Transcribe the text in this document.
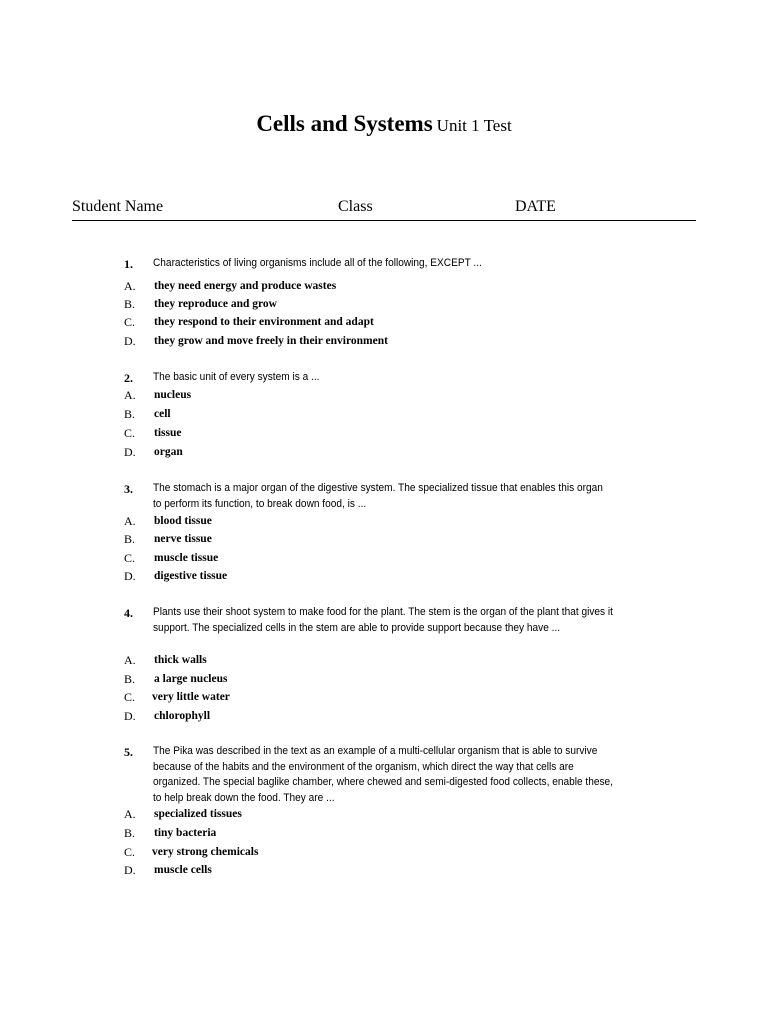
Cells and Systems Unit 1 Test
Student Name	Class	DATE
1. Characteristics of living organisms include all of the following, EXCEPT ...
A. they need energy and produce wastes
B. they reproduce and grow
C. they respond to their environment and adapt
D. they grow and move freely in their environment
2. The basic unit of every system is a ...
A. nucleus
B. cell
C. tissue
D. organ
3. The stomach is a major organ of the digestive system. The specialized tissue that enables this organ to perform its function, to break down food, is ...
A. blood tissue
B. nerve tissue
C. muscle tissue
D. digestive tissue
4. Plants use their shoot system to make food for the plant. The stem is the organ of the plant that gives it support. The specialized cells in the stem are able to provide support because they have ...
A. thick walls
B. a large nucleus
C. very little water
D. chlorophyll
5. The Pika was described in the text as an example of a multi-cellular organism that is able to survive because of the habits and the environment of the organism, which direct the way that cells are organized. The special baglike chamber, where chewed and semi-digested food collects, enable these, to help break down the food. They are ...
A. specialized tissues
B. tiny bacteria
C. very strong chemicals
D. muscle cells
